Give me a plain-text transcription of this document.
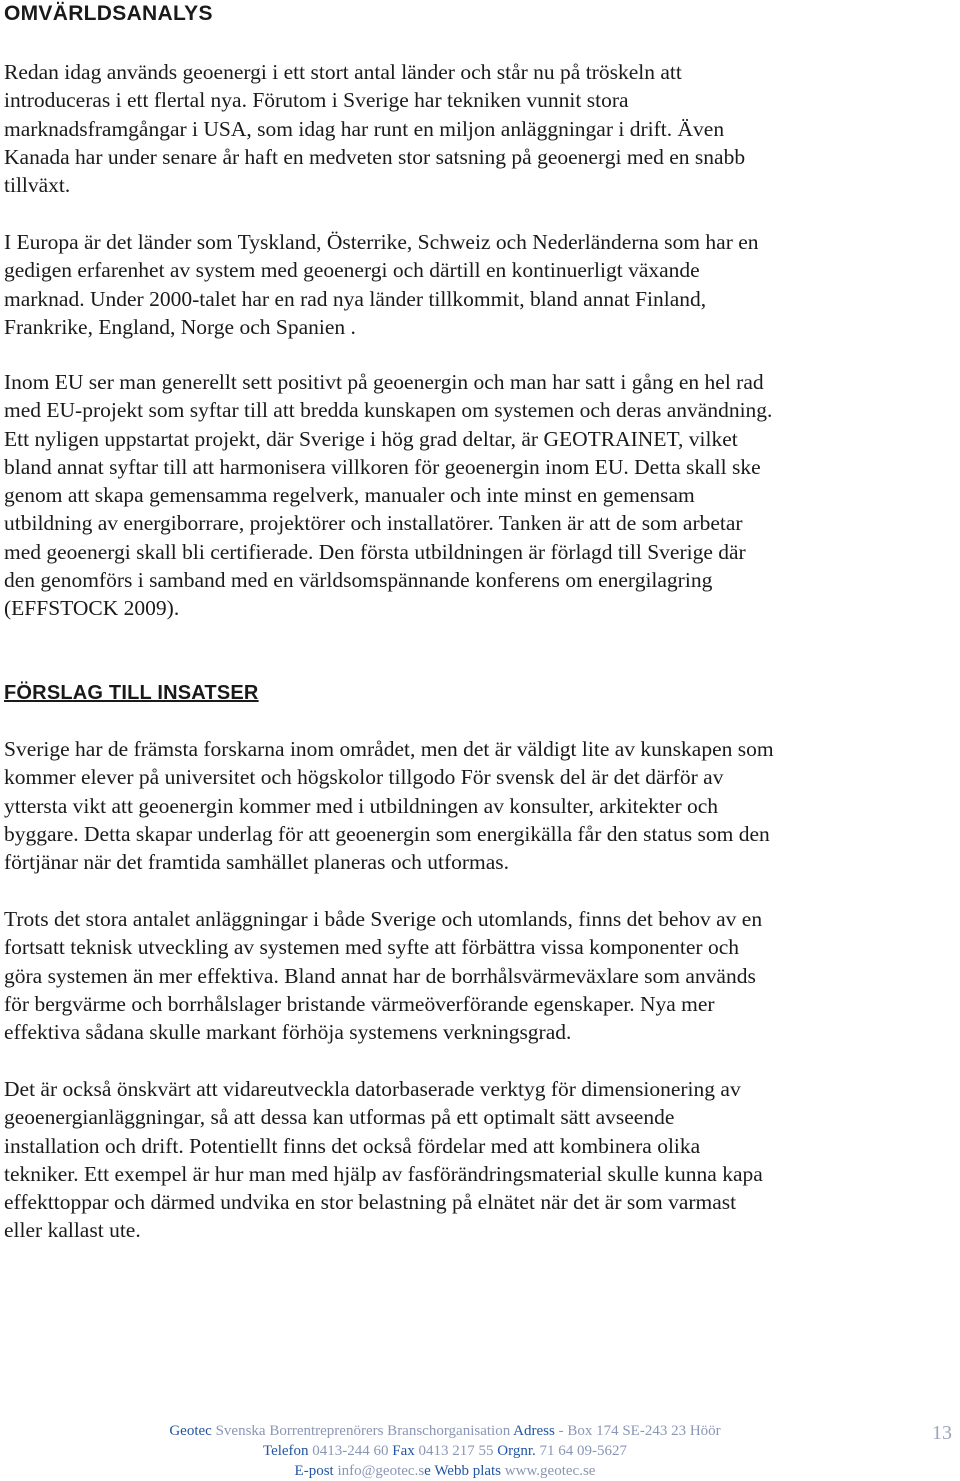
OMVÄRLDSANALYS

Redan idag används geoenergi i ett stort antal länder och står nu på tröskeln att
introduceras i ett flertal nya. Förutom i Sverige har tekniken vunnit stora
marknadsframgångar i USA, som idag har runt en miljon anläggningar i drift. Även
Kanada har under senare år haft en medveten stor satsning på geoenergi med en snabb
tillväxt.

I Europa är det länder som Tyskland, Österrike, Schweiz och Nederländerna som har en
gedigen erfarenhet av system med geoenergi och därtill en kontinuerligt växande
marknad. Under 2000-talet har en rad nya länder tillkommit, bland annat Finland,
Frankrike, England, Norge och Spanien .

Inom EU ser man generellt sett positivt på geoenergin och man har satt i gång en hel rad
med EU-projekt som syftar till att bredda kunskapen om systemen och deras användning.
Ett nyligen uppstartat projekt, där Sverige i hög grad deltar, är GEOTRAINET, vilket
bland annat syftar till att harmonisera villkoren för geoenergin inom EU. Detta skall ske
genom att skapa gemensamma regelverk, manualer och inte minst en gemensam
utbildning av energiborrare, projektörer och installatörer. Tanken är att de som arbetar
med geoenergi skall bli certifierade. Den första utbildningen är förlagd till Sverige där
den genomförs i samband med en världsomspännande konferens om energilagring
(EFFSTOCK 2009).

FÖRSLAG TILL INSATSER

Sverige har de främsta forskarna inom området, men det är väldigt lite av kunskapen som
kommer elever på universitet och högskolor tillgodo För svensk del är det därför av
yttersta vikt att geoenergin kommer med i utbildningen av konsulter, arkitekter och
byggare. Detta skapar underlag för att geoenergin som energikälla får den status som den
förtjänar när det framtida samhället planeras och utformas.

Trots det stora antalet anläggningar i både Sverige och utomlands, finns det behov av en
fortsatt teknisk utveckling av systemen med syfte att förbättra vissa komponenter och
göra systemen än mer effektiva. Bland annat har de borrhålsvärmeväxlare som används
för bergvärme och borrhålslager bristande värmeöverförande egenskaper. Nya mer
effektiva sådana skulle markant förhöja systemens verkningsgrad.

Det är också önskvärt att vidareutveckla datorbaserade verktyg för dimensionering av
geoenergianläggningar, så att dessa kan utformas på ett optimalt sätt avseende
installation och drift. Potentiellt finns det också fördelar med att kombinera olika
tekniker. Ett exempel är hur man med hjälp av fasförändringsmaterial skulle kunna kapa
effekttoppar och därmed undvika en stor belastning på elnätet när det är som varmast
eller kallast ute.

Geotec Svenska Borrentreprenörers Branschorganisation Adress - Box 174 SE-243 23 Höör
Telefon 0413-244 60 Fax 0413 217 55 Orgnr. 71 64 09-5627
E-post info@geotec.se Webb plats www.geotec.se
13
